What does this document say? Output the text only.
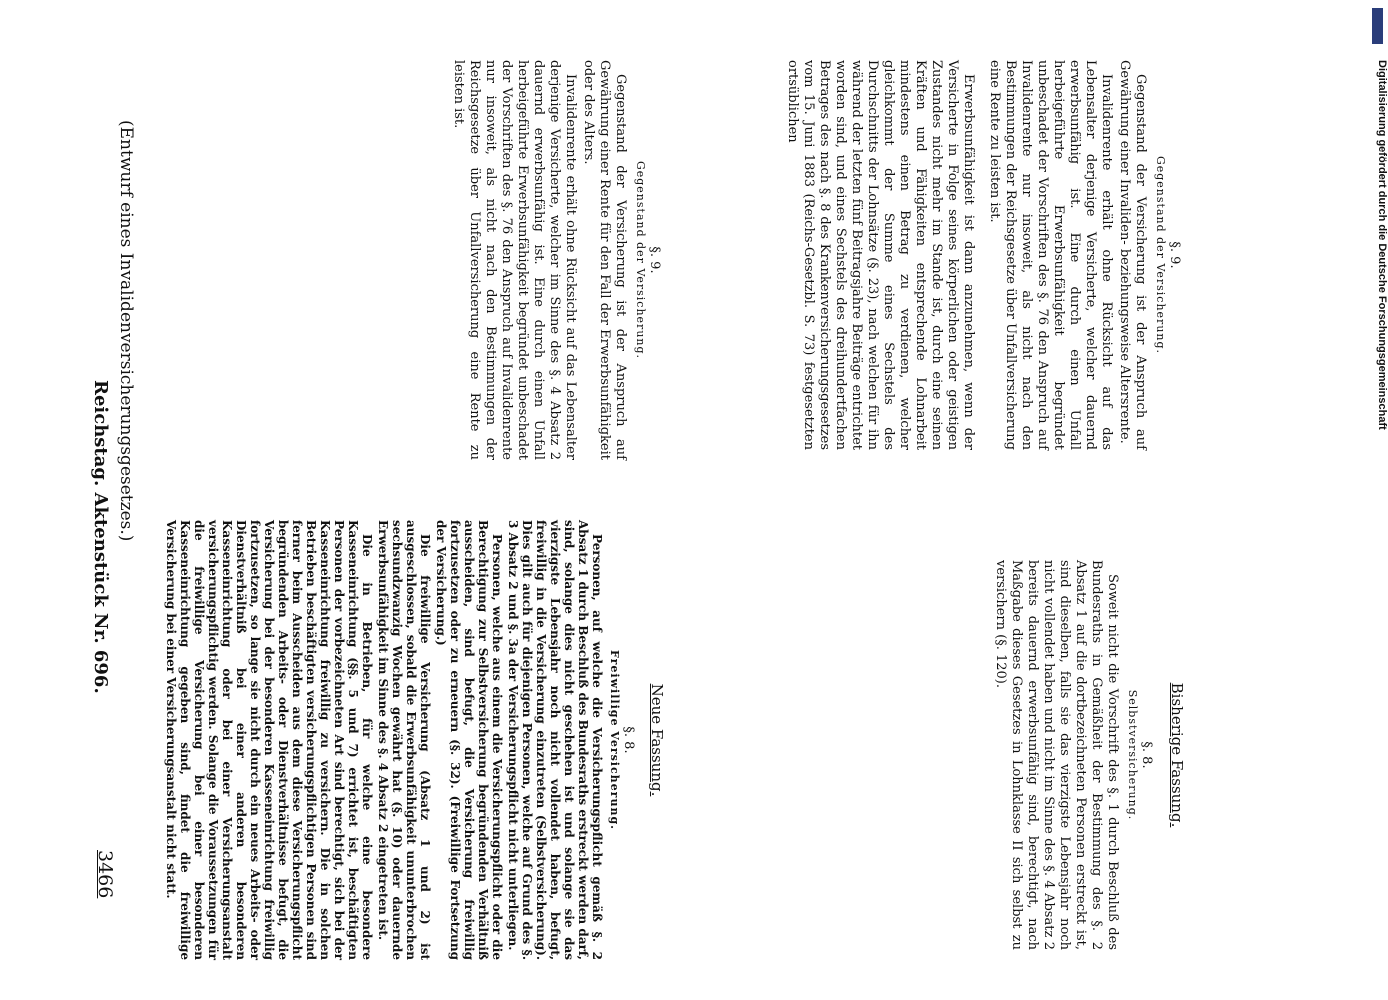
3466
Reichstag. Aktenstück Nr. 696. (Entwurf eines Invalidenversicherungsgesetzes.)
Bisherige Fassung.
§. 8.
Selbstversicherung.

Soweit nicht die Vorschrift des §. 1 durch Beschluß des Bundesraths in Gemäßheit der Bestimmung des §. 2 Absatz 1 auf die dortbezeichneten Personen erstreckt ist, sind dieselben, falls sie das vierzigste Lebensjahr noch nicht vollendet haben und nicht im Sinne des §. 4 Absatz 2 bereits dauernd erwerbsunfähig sind, berechtigt, nach Maßgabe dieses Gesetzes in Lohnklasse II sich selbst zu versichern (§. 120).

§. 9.
Gegenstand der Versicherung.

Gegenstand der Versicherung ist der Anspruch auf Gewährung einer Invaliden- beziehungsweise Altersrente.

Invalidenrente erhält ohne Rücksicht auf das Lebensalter derjenige Versicherte, welcher dauernd erwerbsunfähig ist. Eine durch einen Unfall herbeigeführte Erwerbsunfähigkeit begründet unbeschadet der Vorschriften des §. 76 den Anspruch auf Invalidenrente nur insoweit, als nicht nach den Bestimmungen der Reichsgesetze über Unfallversicherung eine Rente zu leisten ist.

Erwerbsunfähigkeit ist dann anzunehmen, wenn der Versicherte in Folge seines körperlichen oder geistigen Zustandes nicht mehr im Stande ist, durch eine seinen Kräften und Fähigkeiten entsprechende Lohnarbeit mindestens einen Betrag zu verdienen, welcher gleichkommt der Summe eines Sechstels des Durchschnitts der Lohnsätze (§. 23), nach welchen für ihn während der letzten fünf Beitragsjahre Beiträge entrichtet worden sind, und eines Sechstels des dreihundertfachen Betrages des nach §. 8 des Krankenversicherungsgesetzes vom 15. Juni 1883 (Reichs-Gesetzbl. S. 73) festgesetzten ortsüblichen

Neue Fassung.
§. 8.
Freiwillige Versicherung.

Personen, auf welche die Versicherungspflicht gemäß §. 2 Absatz 1 durch Beschluß des Bundesraths erstreckt werden darf, sind, solange dies nicht geschehen ist und solange sie das vierzigste Lebensjahr noch nicht vollendet haben, befugt, freiwillig in die Versicherung einzutreten (Selbstversicherung). Dies gilt auch für diejenigen Personen, welche auf Grund des §. 3 Absatz 2 und §. 3a der Versicherungspflicht nicht unterliegen.

Personen, welche aus einem die Versicherungspflicht oder die Berechtigung zur Selbstversicherung begründenden Verhältniß ausscheiden, sind befugt, die Versicherung freiwillig fortzusetzen oder zu erneuern (§. 32). (Freiwillige Fortsetzung der Versicherung.)

Die freiwillige Versicherung (Absatz 1 und 2) ist ausgeschlossen, sobald die Erwerbsunfähigkeit ununterbrochen sechsundzwanzig Wochen gewährt hat (§. 10) oder dauernde Erwerbsunfähigkeit im Sinne des §. 4 Absatz 2 eingetreten ist.

Die in Betrieben, für welche eine besondere Kasseneinrichtung (§§. 5 und 7) errichtet ist, beschäftigten Personen der vorbezeichneten Art sind berechtigt, sich bei der Kasseneinrichtung freiwillig zu versichern. Die in solchen Betrieben beschäftigten versicherungspflichtigen Personen sind ferner beim Ausscheiden aus dem diese Versicherungspflicht begründenden Arbeits- oder Dienstverhältnisse befugt, die Versicherung bei der besonderen Kasseneinrichtung freiwillig fortzusetzen, so lange sie nicht durch ein neues Arbeits- oder Dienstverhältniß bei einer anderen besonderen Kasseneinrichtung oder bei einer Versicherungsanstalt versicherungspflichtig werden. Solange die Voraussetzungen für die freiwillige Versicherung bei einer besonderen Kasseneinrichtung gegeben sind, findet die freiwillige Versicherung bei einer Versicherungsanstalt nicht statt.

§. 9.
Gegenstand der Versicherung.

Gegenstand der Versicherung ist der Anspruch auf Gewährung einer Rente für den Fall der Erwerbsunfähigkeit oder des Alters.

Invalidenrente erhält ohne Rücksicht auf das Lebensalter derjenige Versicherte, welcher im Sinne des §. 4 Absatz 2 dauernd erwerbsunfähig ist. Eine durch einen Unfall herbeigeführte Erwerbsunfähigkeit begründet unbeschadet der Vorschriften des §. 76 den Anspruch auf Invalidenrente nur insoweit, als nicht nach den Bestimmungen der Reichsgesetze über Unfallversicherung eine Rente zu leisten ist.

DFG
Digitalisierung gefördert durch die Deutsche Forschungsgemeinschaft
